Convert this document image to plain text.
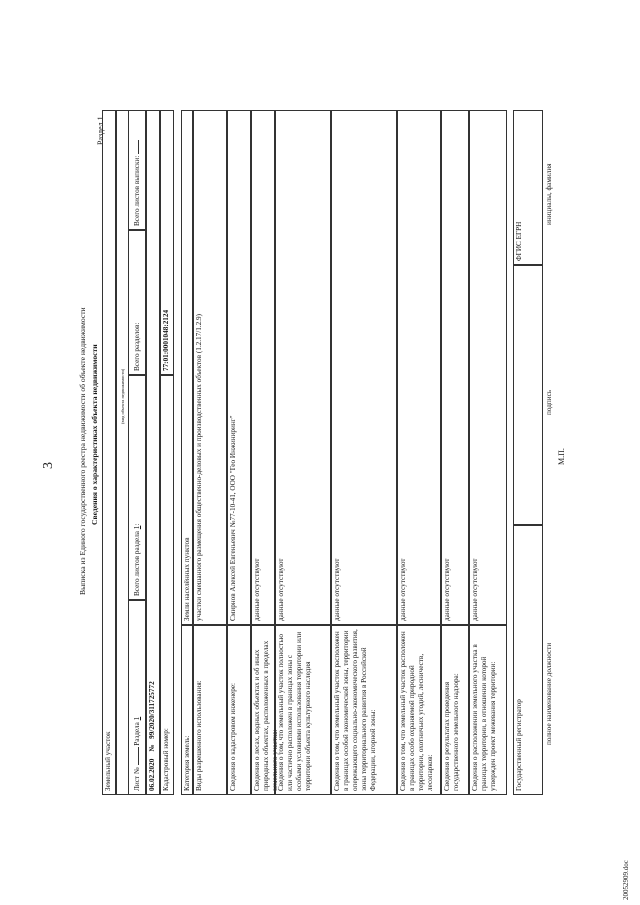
3
Раздел 1
Выписка из Единого государственного реестра недвижимости об объекте недвижимости Сведения о характеристиках объекта недвижимости
Земельный участок
(вид объекта недвижимости)
Лист №  Раздела 1
Всего листов раздела 1:
Всего разделов:
Всего листов выписки:
06.02.2020    №   99/2020/311725772
Кадастровый номер:
77:01:0001048:2124
Категория земель:
Земли населённых пунктов
Виды разрешенного использования:
участки смешанного размещения общественно-деловых и производственных объектов (1.2.17/1.2.9)
Сведения о кадастровом инженере:
Смирнов Алексей Евгеньевич №77-10-41, ООО "Гео Инжиниринг"
Сведения о лесах, водных объектах и об иных природных объектах, расположенных в пределах земельного участка:
данные отсутствуют
Сведения о том, что земельный участок полностью или частично расположен в границах зоны с особыми условиями использования территории или территории объекта культурного наследия
данные отсутствуют
Сведения о том, что земельный участок расположен в границах особой экономической зоны, территории опережающего социально-экономического развития, зоны территориального развития в Российской Федерации, игорной зоны:
данные отсутствуют
Сведения о том, что земельный участок расположен в границах особо охраняемой природной территории, охотничьих угодий, лесничеств, лесопарков:
данные отсутствуют
Сведения о результатах проведения государственного земельного надзора:
данные отсутствуют
Сведения о расположении земельного участка в границах территории, в отношении которой утвержден проект межевания территории:
данные отсутствуют
Государственный регистратор
ФГИС ЕГРН
полное наименование должности
подпись
инициалы, фамилия
М.П.
20052909.doc
